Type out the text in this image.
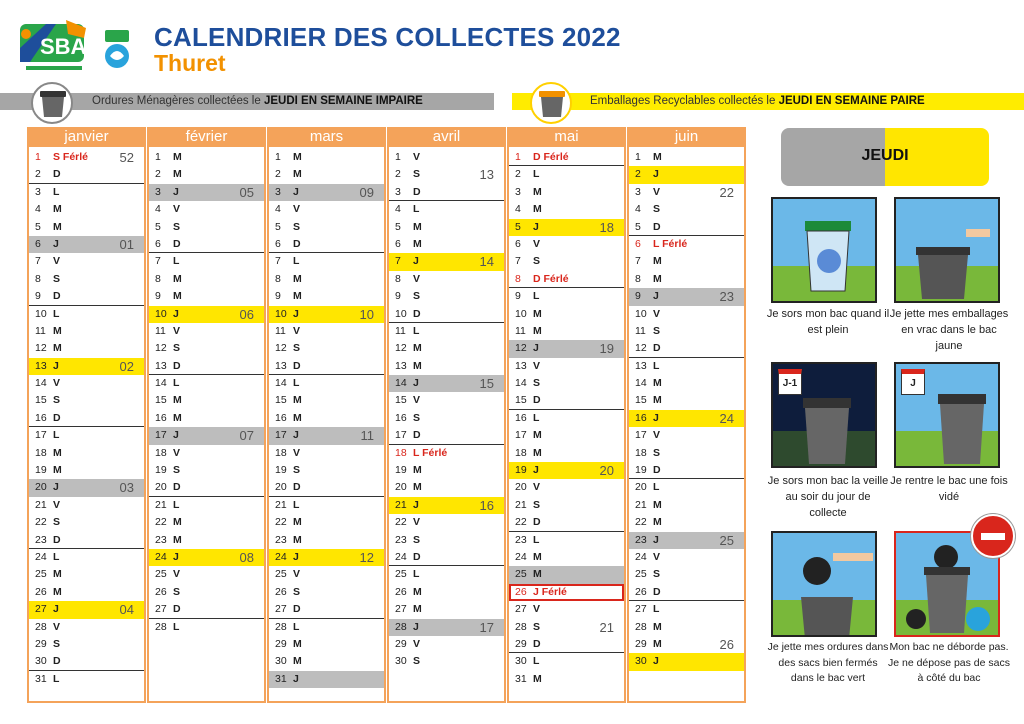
SBA	CALENDRIER DES COLLECTES 2022
Thuret
Ordures Ménagères collectées le JEUDI EN SEMAINE IMPAIRE	Emballages Recyclables collectés le JEUDI EN SEMAINE PAIRE
janvier
1	S Férlé 52
2	D
3	L
4	M
5	M
6	J	01
7	V
8	S
9	D
10 L
11 M
12 M
13 J	02
14 V
15 S
16 D
17 L
18 M
19 M
20 J	03
21 V
22 S
23 D
24 L
25 M
26 M
27 J	04
28 V
29 S
30 D
31 L
février
1	M
2	M
3	J	05
4	V
5	S
6	D
7	L
8	M
9	M
10 J	06
11 V
12 S
13 D
14 L
15 M
16 M
17 J	07
18 V
19 S
20 D
21 L
22 M
23 M
24 J	08
25 V
26 S
27 D
28 L
mars
1	M
2	M
3	J	09
4	V
5	S
6	D
7	L
8	M
9	M
10 J	10
11 V
12 S
13 D
14 L
15 M
16 M
17 J	11
18 V
19 S
20 D
21 L
22 M
23 M
24 J	12
25 V
26 S
27 D
28 L
29 M
30 M
31 J
avril
1	V
2	S	13
3	D
4	L
5	M
6	M
7	J	14
8	V
9	S
10 D
11 L
12 M
13 M
14 J	15
15 V
16 S
17 D
18 L Férlé
19 M
20 M
21 J	16
22 V
23 S
24 D
25 L
26 M
27 M
28 J	17
29 V
30 S
mai
1	D Férlé
2	L
3	M
4	M
5	J	18
6	V
7	S
8	D Férlé
9	L
10 M
11 M
12 J	19
13 V
14 S
15 D
16 L
17 M
18 M
19 J	20
20 V
21 S
22 D
23 L
24 M
25 M
26 J Férlé
27 V
28 S	21
29 D
30 L
31 M
juin
1	M
2	J
3	V	22
4	S
5	D
6	L Férlé
7	M
8	M
9	J	23
10 V
11 S
12 D
13 L
14 M
15 M
16 J	24
17 V
18 S
19 D
20 L
21 M
22 M
23 J	25
24 V
25 S
26 D
27 L
28 M
29 M	26
30 J
JEUDI
Je sors mon bac quand il est plein
Je jette mes emballages en vrac dans le bac jaune
J-1	J
Je sors mon bac la veille au soir du jour de collecte
Je rentre le bac une fois vidé
Je jette mes ordures dans des sacs bien fermés dans le bac vert
Mon bac ne déborde pas. Je ne dépose pas de sacs à côté du bac
